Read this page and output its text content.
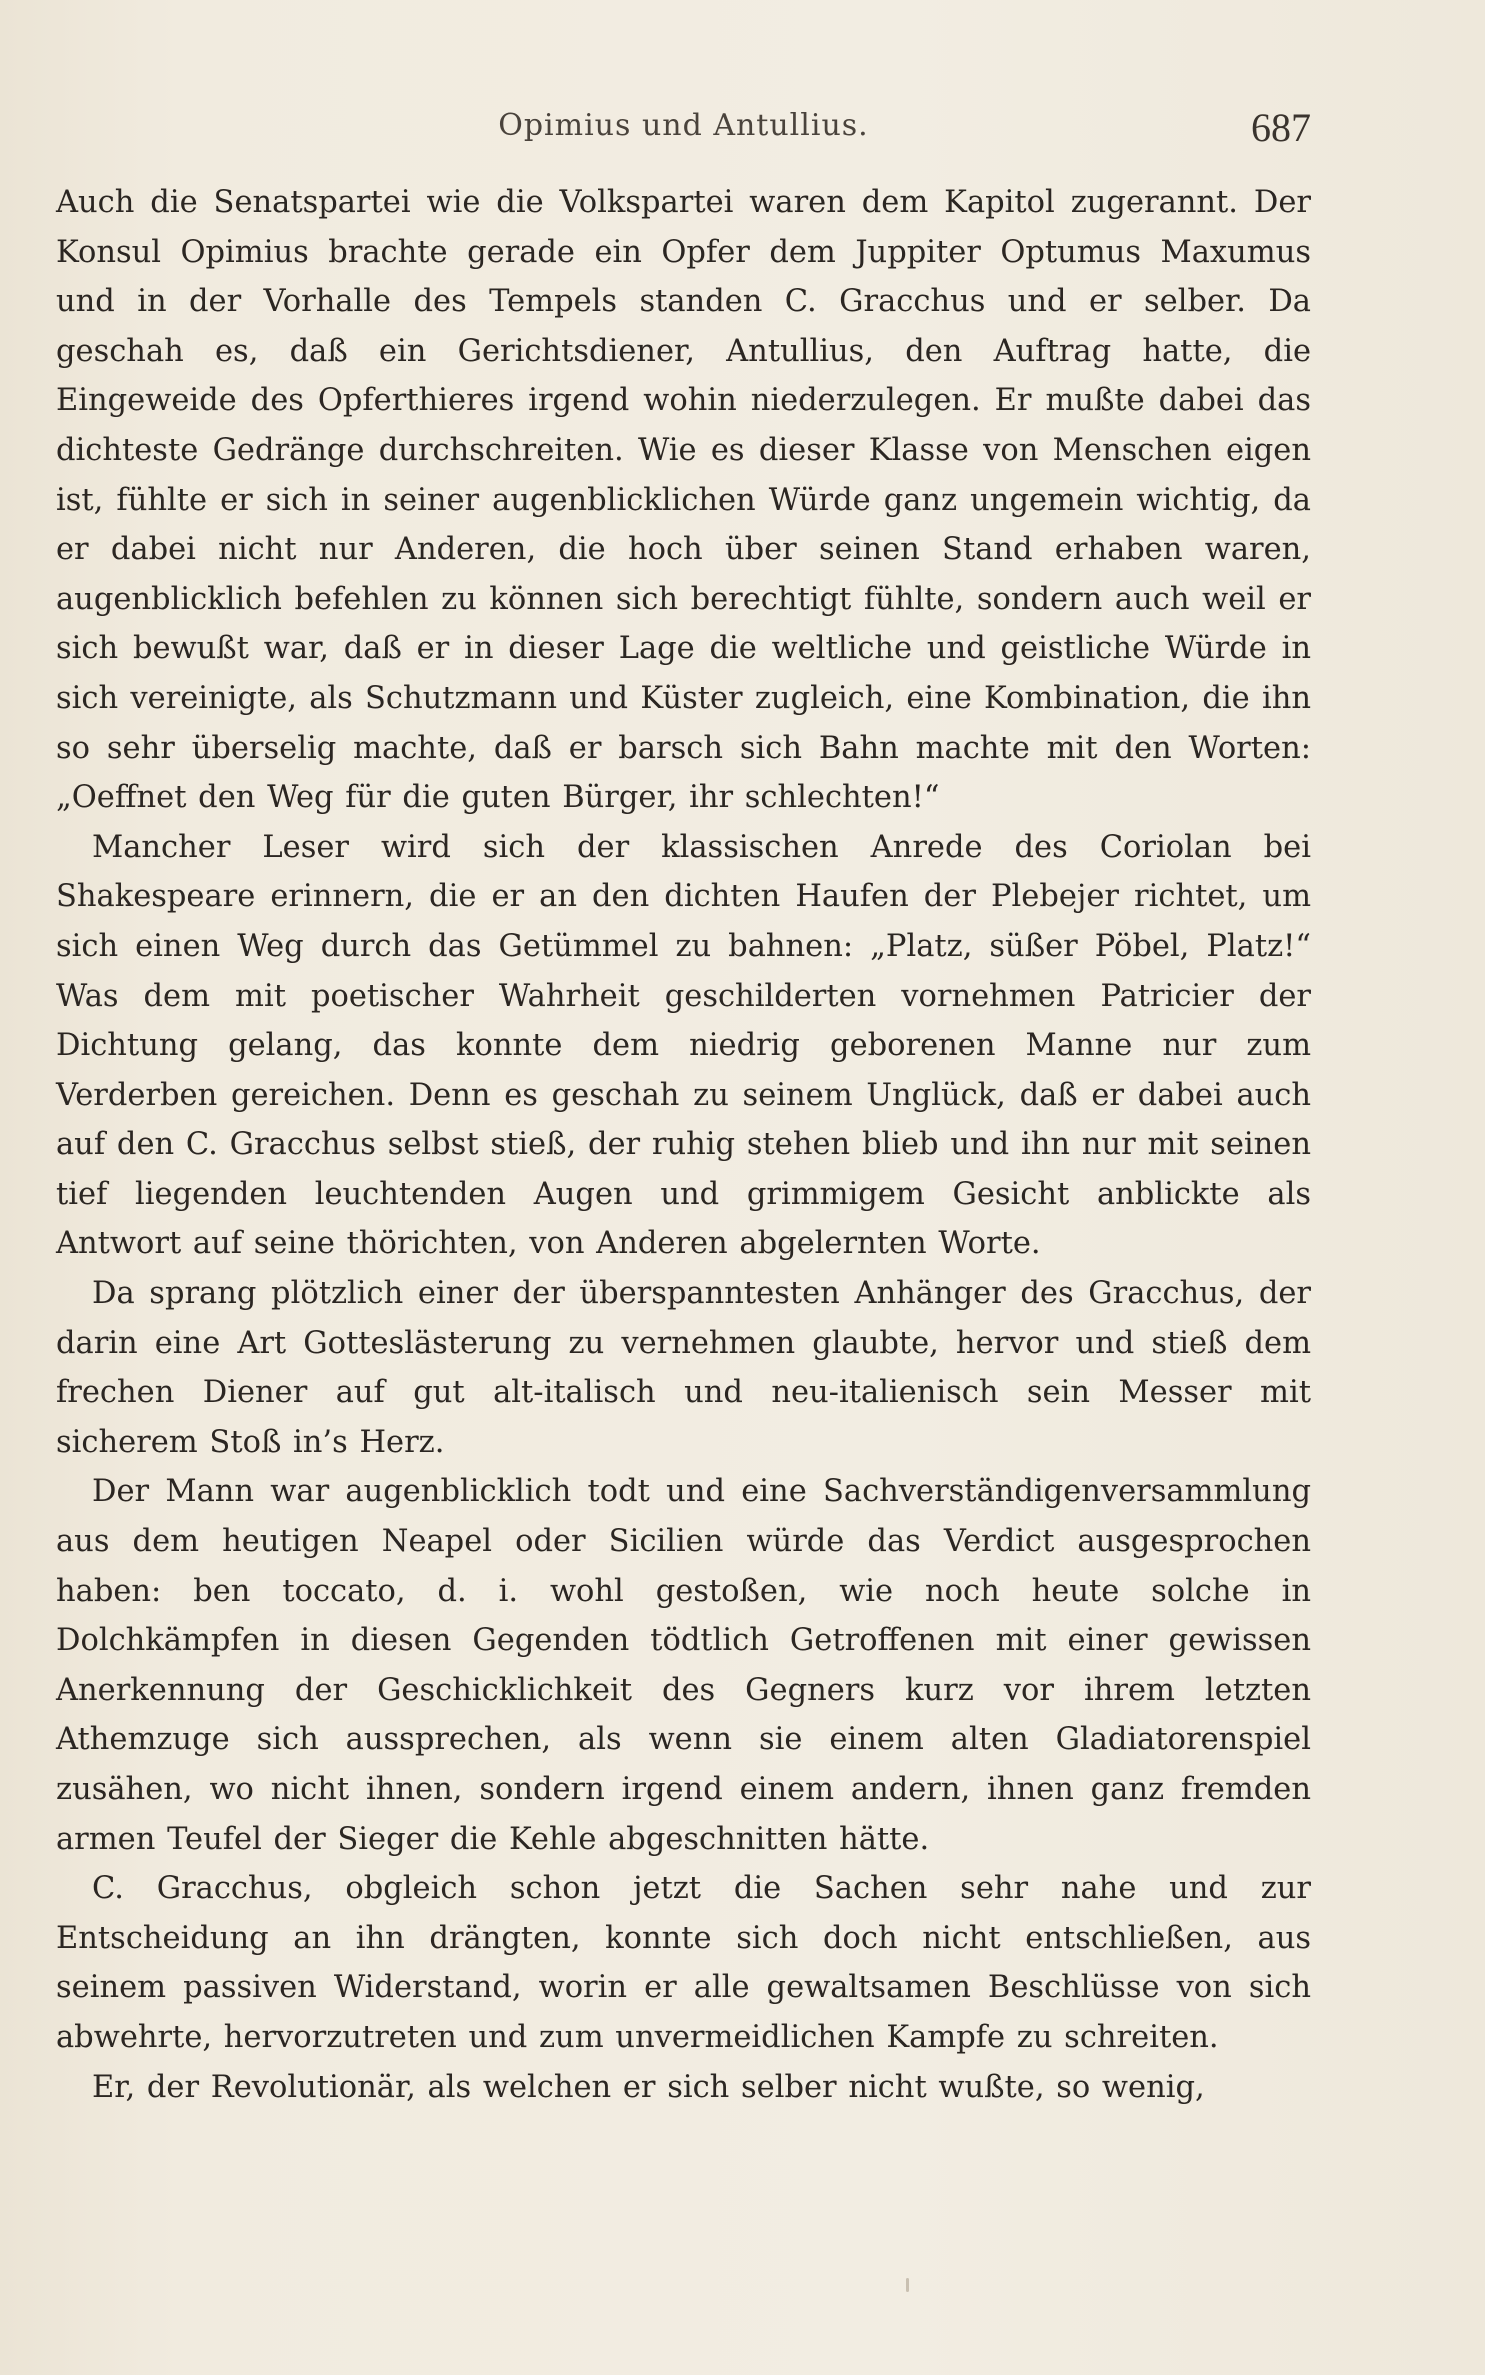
Opimius und Antullius.	687

Auch die Senatspartei wie die Volkspartei waren dem Kapitol zugerannt. Der Konsul Opimius brachte gerade ein Opfer dem Juppiter Optumus Maxumus und in der Vorhalle des Tempels standen C. Gracchus und er selber. Da geschah es, daß ein Gerichtsdiener, Antullius, den Auftrag hatte, die Eingeweide des Opferthieres irgend wohin niederzulegen. Er mußte dabei das dichteste Gedränge durchschreiten. Wie es dieser Klasse von Menschen eigen ist, fühlte er sich in seiner augenblicklichen Würde ganz ungemein wichtig, da er dabei nicht nur Anderen, die hoch über seinen Stand erhaben waren, augenblicklich befehlen zu können sich berechtigt fühlte, sondern auch weil er sich bewußt war, daß er in dieser Lage die weltliche und geistliche Würde in sich vereinigte, als Schutzmann und Küster zugleich, eine Kombination, die ihn so sehr überselig machte, daß er barsch sich Bahn machte mit den Worten: „Oeffnet den Weg für die guten Bürger, ihr schlechten!“

Mancher Leser wird sich der klassischen Anrede des Coriolan bei Shakespeare erinnern, die er an den dichten Haufen der Plebejer richtet, um sich einen Weg durch das Getümmel zu bahnen: „Platz, süßer Pöbel, Platz!“ Was dem mit poetischer Wahrheit geschilderten vornehmen Patricier der Dichtung gelang, das konnte dem niedrig geborenen Manne nur zum Verderben gereichen. Denn es geschah zu seinem Unglück, daß er dabei auch auf den C. Gracchus selbst stieß, der ruhig stehen blieb und ihn nur mit seinen tief liegenden leuchtenden Augen und grimmigem Gesicht anblickte als Antwort auf seine thörichten, von Anderen abgelernten Worte.

Da sprang plötzlich einer der überspanntesten Anhänger des Gracchus, der darin eine Art Gotteslästerung zu vernehmen glaubte, hervor und stieß dem frechen Diener auf gut alt-italisch und neu-italienisch sein Messer mit sicherem Stoß in’s Herz.

Der Mann war augenblicklich todt und eine Sachverständigenversammlung aus dem heutigen Neapel oder Sicilien würde das Verdict ausgesprochen haben: ben toccato, d. i. wohl gestoßen, wie noch heute solche in Dolchkämpfen in diesen Gegenden tödtlich Getroffenen mit einer gewissen Anerkennung der Geschicklichkeit des Gegners kurz vor ihrem letzten Athemzuge sich aussprechen, als wenn sie einem alten Gladiatorenspiel zusähen, wo nicht ihnen, sondern irgend einem andern, ihnen ganz fremden armen Teufel der Sieger die Kehle abgeschnitten hätte.

C. Gracchus, obgleich schon jetzt die Sachen sehr nahe und zur Entscheidung an ihn drängten, konnte sich doch nicht entschließen, aus seinem passiven Widerstand, worin er alle gewaltsamen Beschlüsse von sich abwehrte, hervorzutreten und zum unvermeidlichen Kampfe zu schreiten.

Er, der Revolutionär, als welchen er sich selber nicht wußte, so wenig,
